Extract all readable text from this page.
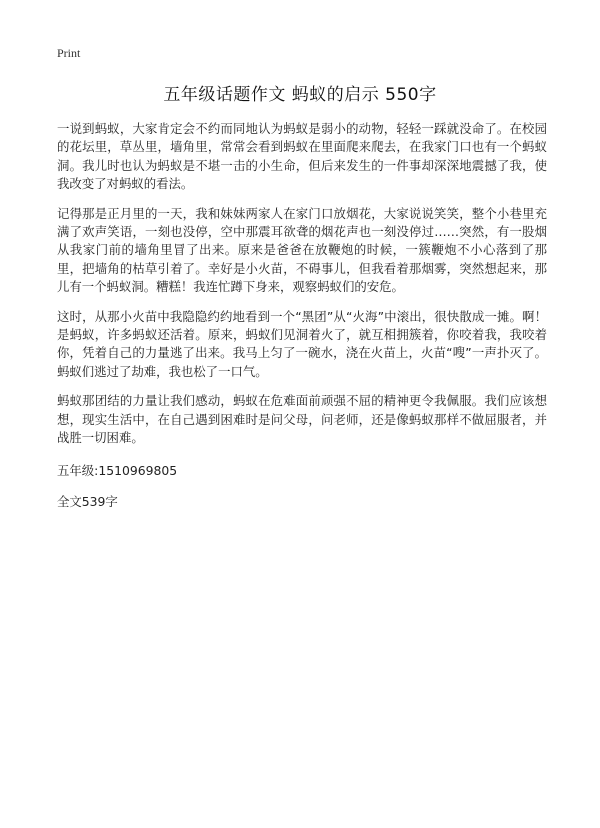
Print
五年级话题作文 蚂蚁的启示 550字

一说到蚂蚁，大家肯定会不约而同地认为蚂蚁是弱小的动物，轻轻一踩就没命了。在校园的花坛里，草丛里，墙角里，常常会看到蚂蚁在里面爬来爬去，在我家门口也有一个蚂蚁洞。我儿时也认为蚂蚁是不堪一击的小生命，但后来发生的一件事却深深地震撼了我，使我改变了对蚂蚁的看法。

记得那是正月里的一天，我和妹妹两家人在家门口放烟花，大家说说笑笑，整个小巷里充满了欢声笑语，一刻也没停，空中那震耳欲聋的烟花声也一刻没停过……突然，有一股烟从我家门前的墙角里冒了出来。原来是爸爸在放鞭炮的时候，一簇鞭炮不小心落到了那里，把墙角的枯草引着了。幸好是小火苗，不碍事儿，但我看着那烟雾，突然想起来，那儿有一个蚂蚁洞。糟糕！我连忙蹲下身来，观察蚂蚁们的安危。

这时，从那小火苗中我隐隐约约地看到一个“黑团”从“火海”中滚出，很快散成一摊。啊！是蚂蚁，许多蚂蚁还活着。原来，蚂蚁们见洞着火了，就互相拥簇着，你咬着我，我咬着你，凭着自己的力量逃了出来。我马上匀了一碗水，浇在火苗上，火苗“嗖”一声扑灭了。蚂蚁们逃过了劫难，我也松了一口气。

蚂蚁那团结的力量让我们感动，蚂蚁在危难面前顽强不屈的精神更令我佩服。我们应该想想，现实生活中，在自己遇到困难时是问父母，问老师，还是像蚂蚁那样不做屈服者，并战胜一切困难。

五年级:1510969805

全文539字
